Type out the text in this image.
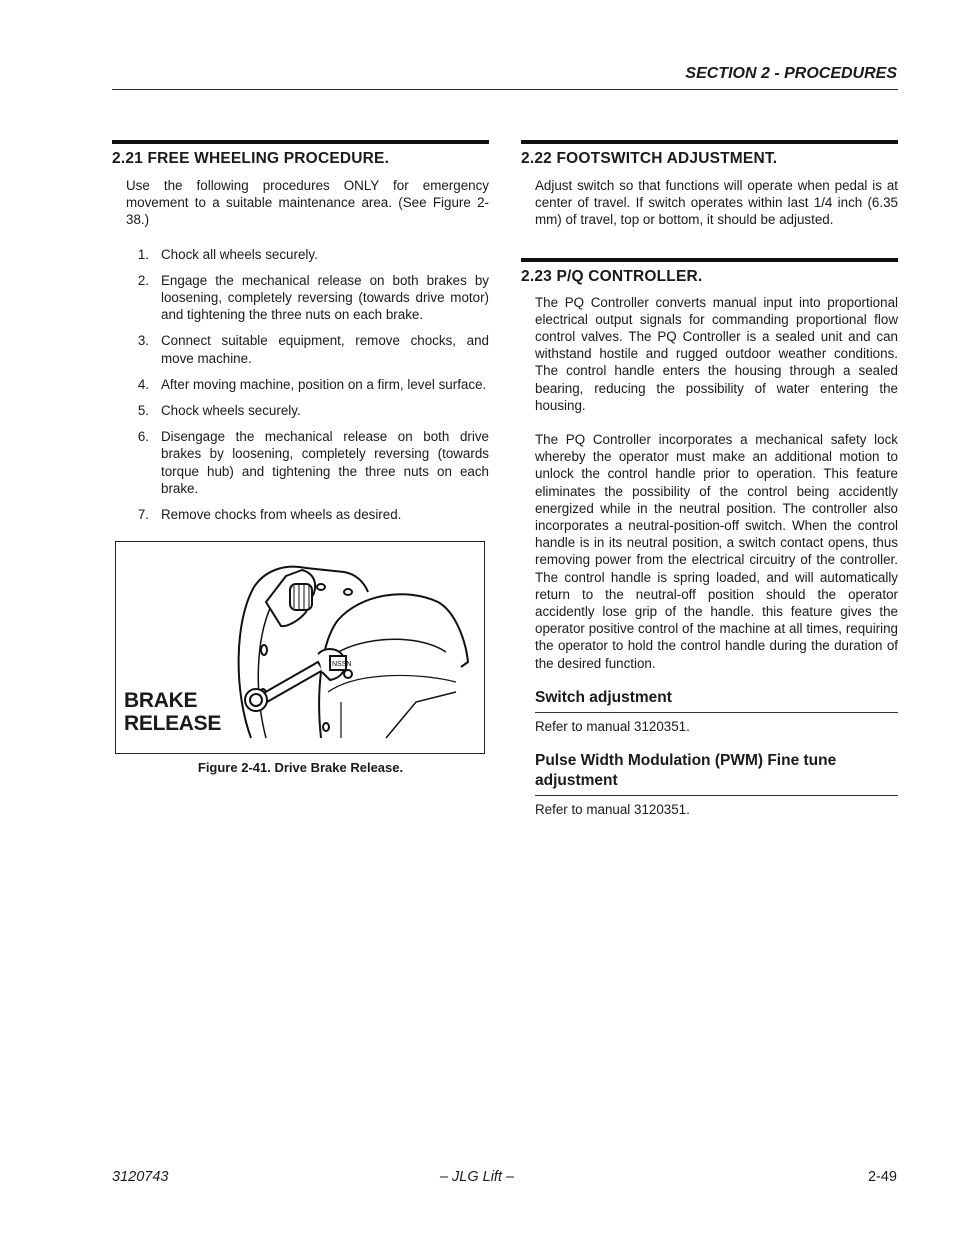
SECTION 2 - PROCEDURES
2.21 FREE WHEELING PROCEDURE.

Use the following procedures ONLY for emergency movement to a suitable maintenance area. (See Figure 2-38.)

1. Chock all wheels securely.
2. Engage the mechanical release on both brakes by loosening, completely reversing (towards drive motor) and tightening the three nuts on each brake.
3. Connect suitable equipment, remove chocks, and move machine.
4. After moving machine, position on a firm, level surface.
5. Chock wheels securely.
6. Disengage the mechanical release on both drive brakes by loosening, completely reversing (towards torque hub) and tightening the three nuts on each brake.
7. Remove chocks from wheels as desired.
NSSN
BRAKE
RELEASE
Figure 2-41. Drive Brake Release.
2.22 FOOTSWITCH ADJUSTMENT.

Adjust switch so that functions will operate when pedal is at center of travel. If switch operates within last 1/4 inch (6.35 mm) of travel, top or bottom, it should be adjusted.

2.23 P/Q CONTROLLER.

The PQ Controller converts manual input into proportional electrical output signals for commanding proportional flow control valves. The PQ Controller is a sealed unit and can withstand hostile and rugged outdoor weather conditions. The control handle enters the housing through a sealed bearing, reducing the possibility of water entering the housing.

The PQ Controller incorporates a mechanical safety lock whereby the operator must make an additional motion to unlock the control handle prior to operation. This feature eliminates the possibility of the control being accidently energized while in the neutral position. The controller also incorporates a neutral-position-off switch. When the control handle is in its neutral position, a switch contact opens, thus removing power from the electrical circuitry of the controller. The control handle is spring loaded, and will automatically return to the neutral-off position should the operator accidently lose grip of the handle. this feature gives the operator positive control of the machine at all times, requiring the operator to hold the control handle during the duration of the desired function.

Switch adjustment

Refer to manual 3120351.

Pulse Width Modulation (PWM) Fine tune adjustment

Refer to manual 3120351.

3120743	– JLG Lift –	2-49
